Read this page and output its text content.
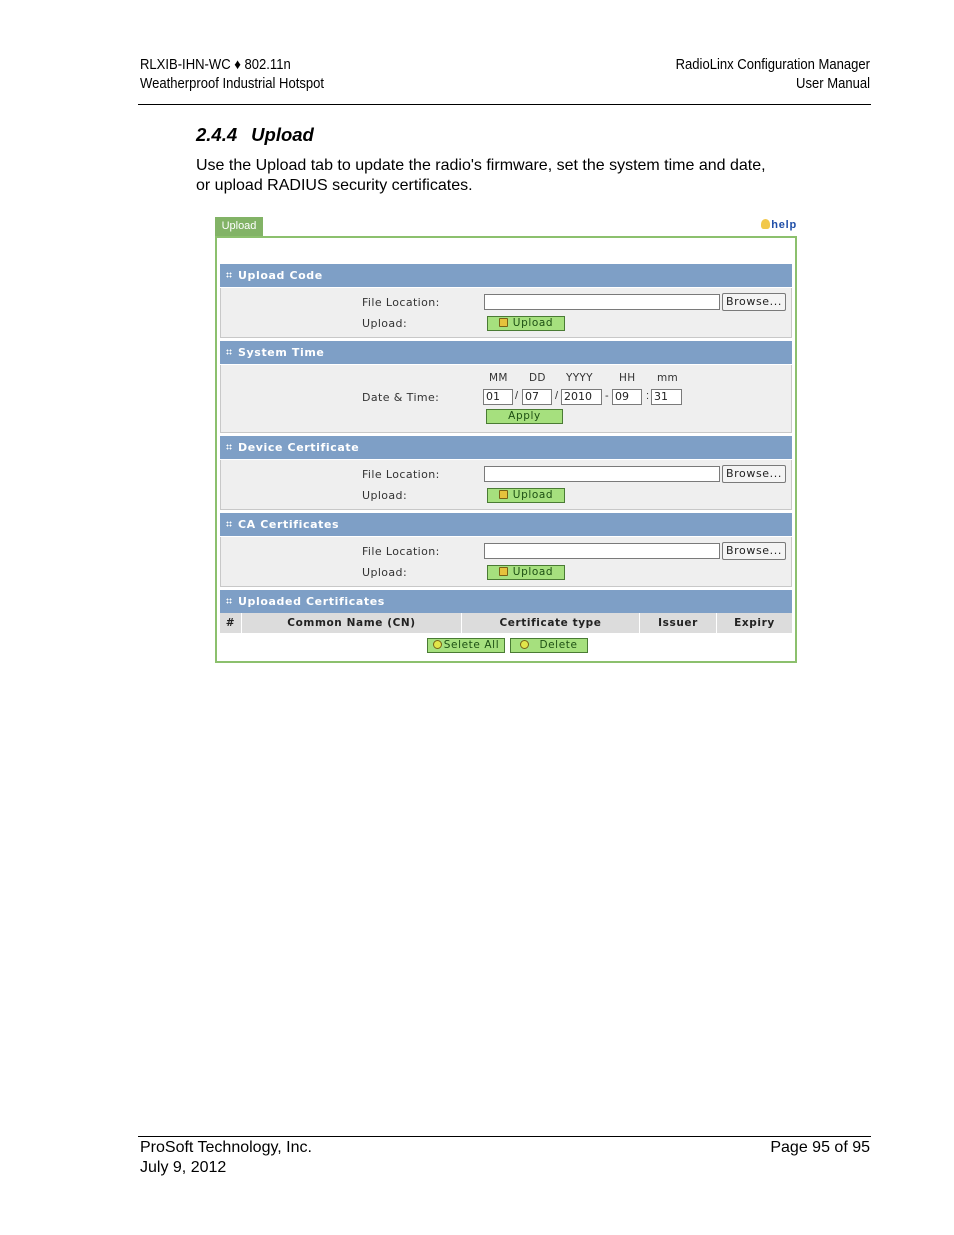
RLXIB-IHN-WC ♦ 802.11n
Weatherproof Industrial Hotspot
RadioLinx Configuration Manager
User Manual
2.4.4 Upload

Use the Upload tab to update the radio's firmware, set the system time and date,

or upload RADIUS security certificates.

Upload	help
Upload Code
File Location:	Browse...
Upload:	Upload
System Time
MM DD YYYY HH mm
Date & Time:	01	/ 07	/ 2010	- 09	: 31
Apply
Device Certificate
File Location:	Browse...
Upload:	Upload
CA Certificates
File Location:	Browse...
Upload:	Upload
Uploaded Certificates
#	Common Name (CN)	Certificate type	Issuer	Expiry
Selete All	Delete
ProSoft Technology, Inc.
July 9, 2012
Page 95 of 95
